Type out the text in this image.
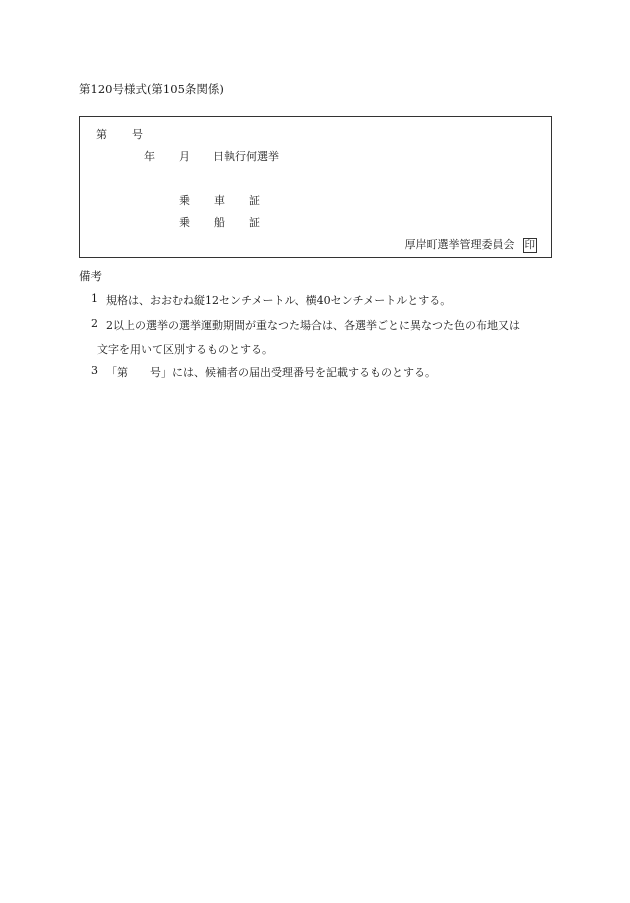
第120号様式(第105条関係)
第 号
年 月 日執行何選挙
乗 車 証
乗 船 証
厚岸町選挙管理委員会 印
備考
1 規格は、おおむね縦12センチメートル、横40センチメートルとする。
2 2以上の選挙の選挙運動期間が重なつた場合は、各選挙ごとに異なつた色の布地又は
文字を用いて区別するものとする。
3 「第　　号」には、候補者の届出受理番号を記載するものとする。
